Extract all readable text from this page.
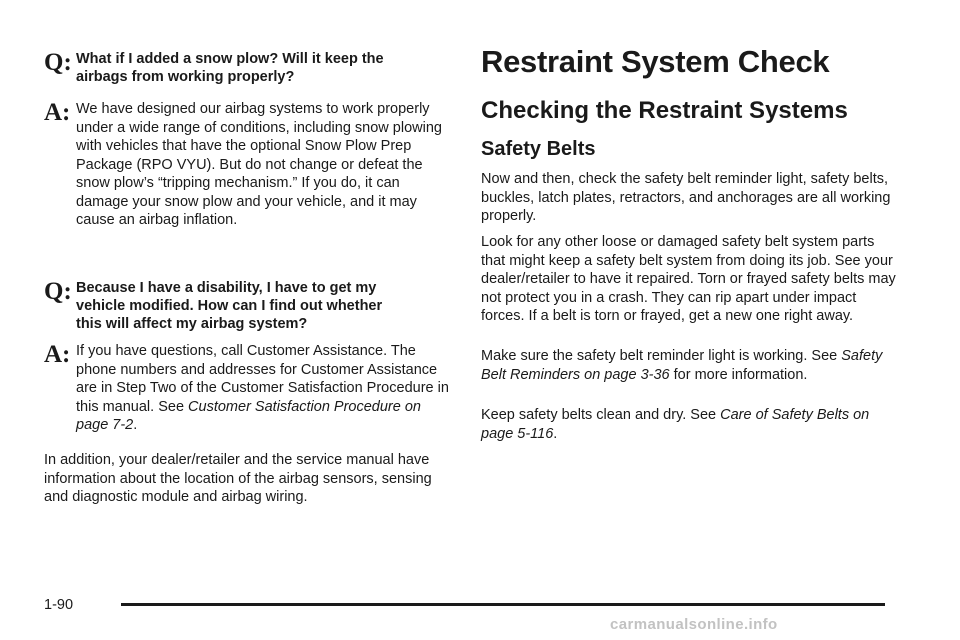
Q: What if I added a snow plow? Will it keep the
airbags from working properly?
A: We have designed our airbag systems to work properly under a wide range of conditions, including snow plowing with vehicles that have the optional Snow Plow Prep Package (RPO VYU). But do not change or defeat the snow plow’s “tripping mechanism.” If you do, it can damage your snow plow and your vehicle, and it may cause an airbag inflation.
Q: Because I have a disability, I have to get my
vehicle modified. How can I find out whether
this will affect my airbag system?
A: If you have questions, call Customer Assistance. The phone numbers and addresses for Customer Assistance are in Step Two of the Customer Satisfaction Procedure in this manual. See Customer Satisfaction Procedure on page 7-2.

In addition, your dealer/retailer and the service manual have information about the location of the airbag sensors, sensing and diagnostic module and airbag wiring.

Restraint System Check
Checking the Restraint Systems
Safety Belts

Now and then, check the safety belt reminder light, safety belts, buckles, latch plates, retractors, and anchorages are all working properly.

Look for any other loose or damaged safety belt system parts that might keep a safety belt system from doing its job. See your dealer/retailer to have it repaired. Torn or frayed safety belts may not protect you in a crash. They can rip apart under impact forces. If a belt is torn or frayed, get a new one right away.

Make sure the safety belt reminder light is working. See Safety Belt Reminders on page 3-36 for more information.

Keep safety belts clean and dry. See Care of Safety Belts on page 5-116.

1-90
carmanualsonline.info
